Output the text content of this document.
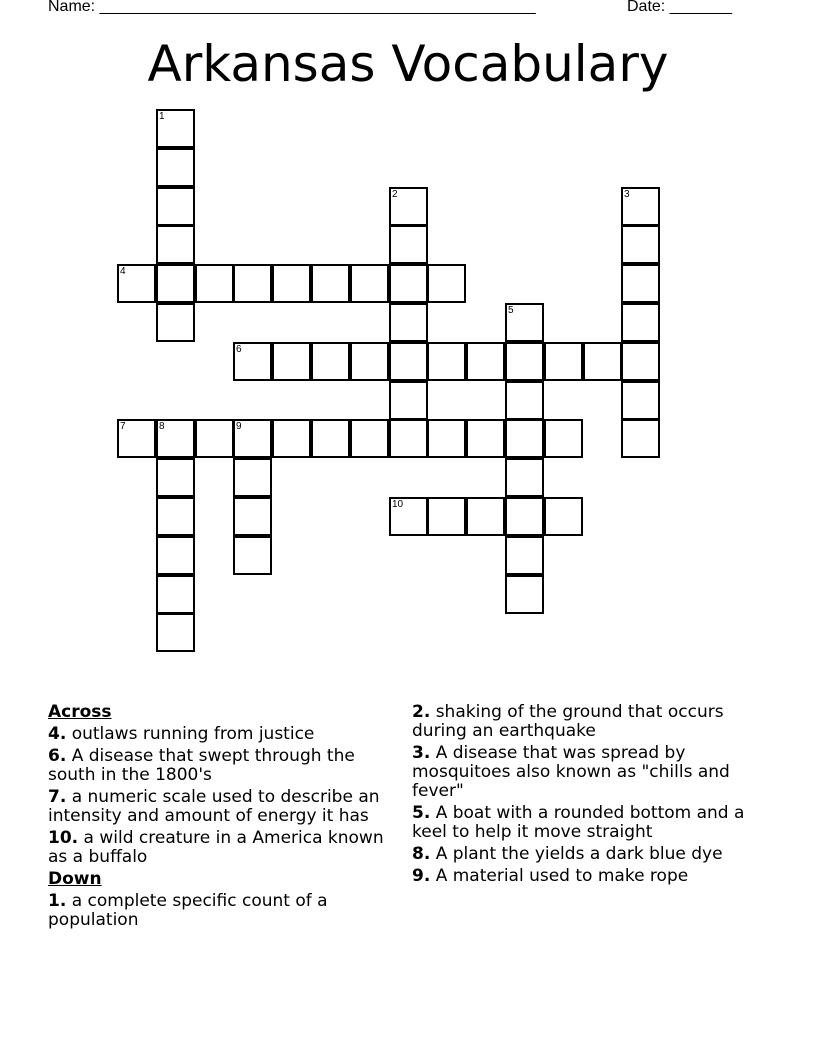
Name: _________________________________________________	Date: _______
Arkansas Vocabulary
1
2	3
4
5
6
7	8	9
10
Across
4. outlaws running from justice
6. A disease that swept through the south in the 1800's
7. a numeric scale used to describe an intensity and amount of energy it has
10. a wild creature in a America known as a buffalo
Down
1. a complete specific count of a population
2. shaking of the ground that occurs during an earthquake
3. A disease that was spread by mosquitoes also known as "chills and fever"
5. A boat with a rounded bottom and a keel to help it move straight
8. A plant the yields a dark blue dye
9. A material used to make rope
